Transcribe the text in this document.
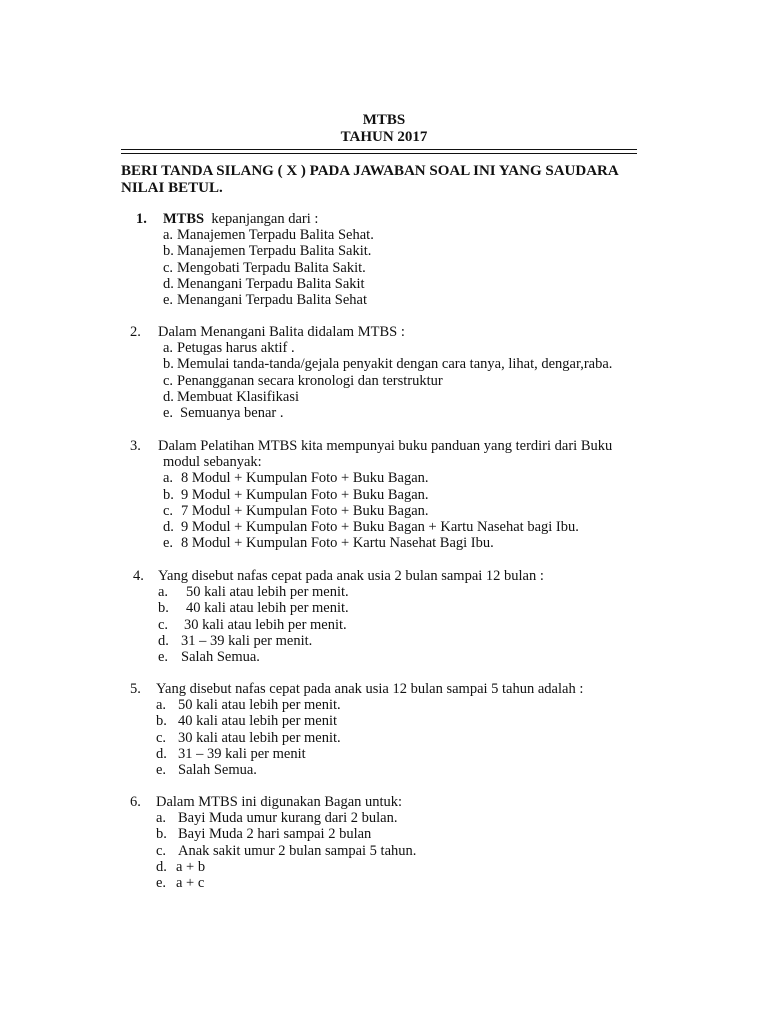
MTBS
TAHUN 2017
BERI TANDA SILANG ( X ) PADA JAWABAN SOAL INI YANG SAUDARA
NILAI BETUL.
1. MTBS kepanjangan dari :
a. Manajemen Terpadu Balita Sehat.
b. Manajemen Terpadu Balita Sakit.
c. Mengobati Terpadu Balita Sakit.
d. Menangani Terpadu Balita Sakit
e. Menangani Terpadu Balita Sehat
2. Dalam Menangani Balita didalam MTBS :
a. Petugas harus aktif .
b. Memulai tanda-tanda/gejala penyakit dengan cara tanya, lihat, dengar,raba.
c. Penangganan secara kronologi dan terstruktur
d. Membuat Klasifikasi
e. Semuanya benar .
3. Dalam Pelatihan MTBS kita mempunyai buku panduan yang terdiri dari Buku
modul sebanyak:
a. 8 Modul + Kumpulan Foto + Buku Bagan.
b. 9 Modul + Kumpulan Foto + Buku Bagan.
c. 7 Modul + Kumpulan Foto + Buku Bagan.
d. 9 Modul + Kumpulan Foto + Buku Bagan + Kartu Nasehat bagi Ibu.
e. 8 Modul + Kumpulan Foto + Kartu Nasehat Bagi Ibu.
4. Yang disebut nafas cepat pada anak usia 2 bulan sampai 12 bulan :
a. 50 kali atau lebih per menit.
b. 40 kali atau lebih per menit.
c. 30 kali atau lebih per menit.
d. 31 – 39 kali per menit.
e. Salah Semua.
5. Yang disebut nafas cepat pada anak usia 12 bulan sampai 5 tahun adalah :
a. 50 kali atau lebih per menit.
b. 40 kali atau lebih per menit
c. 30 kali atau lebih per menit.
d. 31 – 39 kali per menit
e. Salah Semua.
6. Dalam MTBS ini digunakan Bagan untuk:
a. Bayi Muda umur kurang dari 2 bulan.
b. Bayi Muda 2 hari sampai 2 bulan
c. Anak sakit umur 2 bulan sampai 5 tahun.
d. a + b
e. a + c
